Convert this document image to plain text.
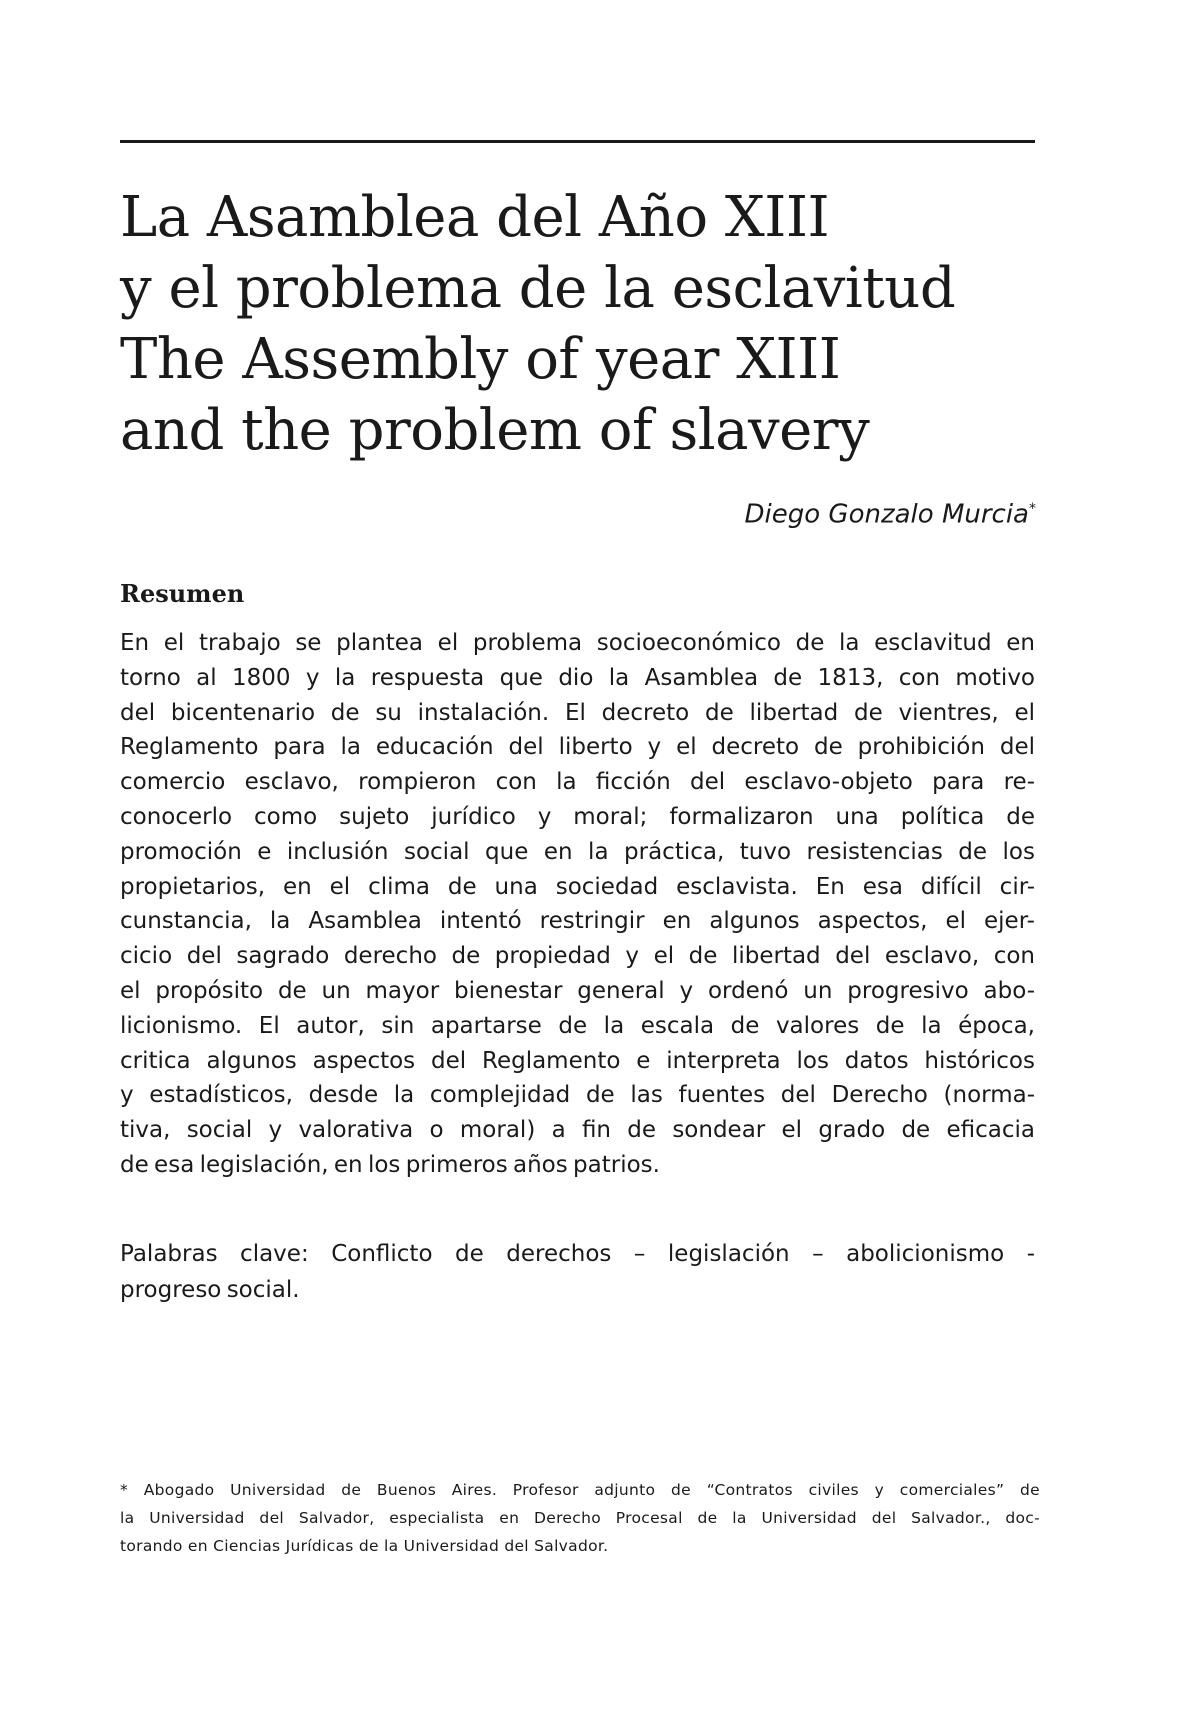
La Asamblea del Año XIII
y el problema de la esclavitud
The Assembly of year XIII
and the problem of slavery
Diego Gonzalo Murcia*
Resumen

En el trabajo se plantea el problema socioeconómico de la esclavitud en
torno al 1800 y la respuesta que dio la Asamblea de 1813, con motivo
del bicentenario de su instalación. El decreto de libertad de vientres, el
Reglamento para la educación del liberto y el decreto de prohibición del
comercio esclavo, rompieron con la ficción del esclavo-objeto para re-
conocerlo como sujeto jurídico y moral; formalizaron una política de
promoción e inclusión social que en la práctica, tuvo resistencias de los
propietarios, en el clima de una sociedad esclavista. En esa difícil cir-
cunstancia, la Asamblea intentó restringir en algunos aspectos, el ejer-
cicio del sagrado derecho de propiedad y el de libertad del esclavo, con
el propósito de un mayor bienestar general y ordenó un progresivo abo-
licionismo. El autor, sin apartarse de la escala de valores de la época,
critica algunos aspectos del Reglamento e interpreta los datos históricos
y estadísticos, desde la complejidad de las fuentes del Derecho (norma-
tiva, social y valorativa o moral) a fin de sondear el grado de eficacia
de esa legislación, en los primeros años patrios.

Palabras clave: Conflicto de derechos – legislación – abolicionismo -
progreso social.

* Abogado Universidad de Buenos Aires. Profesor adjunto de “Contratos civiles y comerciales” de
la Universidad del Salvador, especialista en Derecho Procesal de la Universidad del Salvador., doc-
torando en Ciencias Jurídicas de la Universidad del Salvador.
